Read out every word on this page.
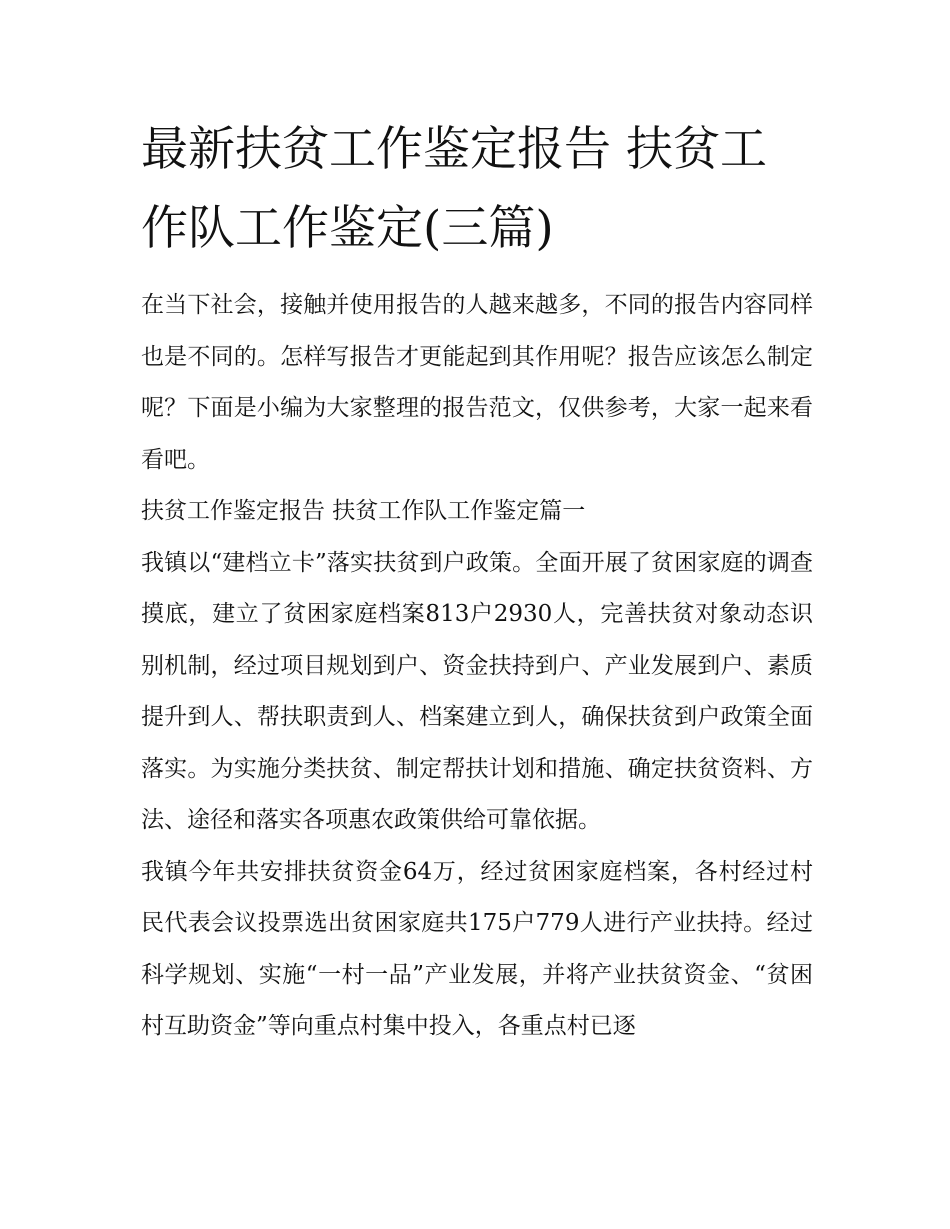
最新扶贫工作鉴定报告 扶贫工作队工作鉴定(三篇)

在当下社会，接触并使用报告的人越来越多，不同的报告内容同样也是不同的。怎样写报告才更能起到其作用呢？报告应该怎么制定呢？下面是小编为大家整理的报告范文，仅供参考，大家一起来看看吧。

扶贫工作鉴定报告 扶贫工作队工作鉴定篇一

我镇以“建档立卡”落实扶贫到户政策。全面开展了贫困家庭的调查摸底，建立了贫困家庭档案813户2930人，完善扶贫对象动态识别机制，经过项目规划到户、资金扶持到户、产业发展到户、素质提升到人、帮扶职责到人、档案建立到人，确保扶贫到户政策全面落实。为实施分类扶贫、制定帮扶计划和措施、确定扶贫资料、方法、途径和落实各项惠农政策供给可靠依据。

我镇今年共安排扶贫资金64万，经过贫困家庭档案，各村经过村民代表会议投票选出贫困家庭共175户779人进行产业扶持。经过科学规划、实施“一村一品”产业发展，并将产业扶贫资金、“贫困村互助资金”等向重点村集中投入，各重点村已逐
